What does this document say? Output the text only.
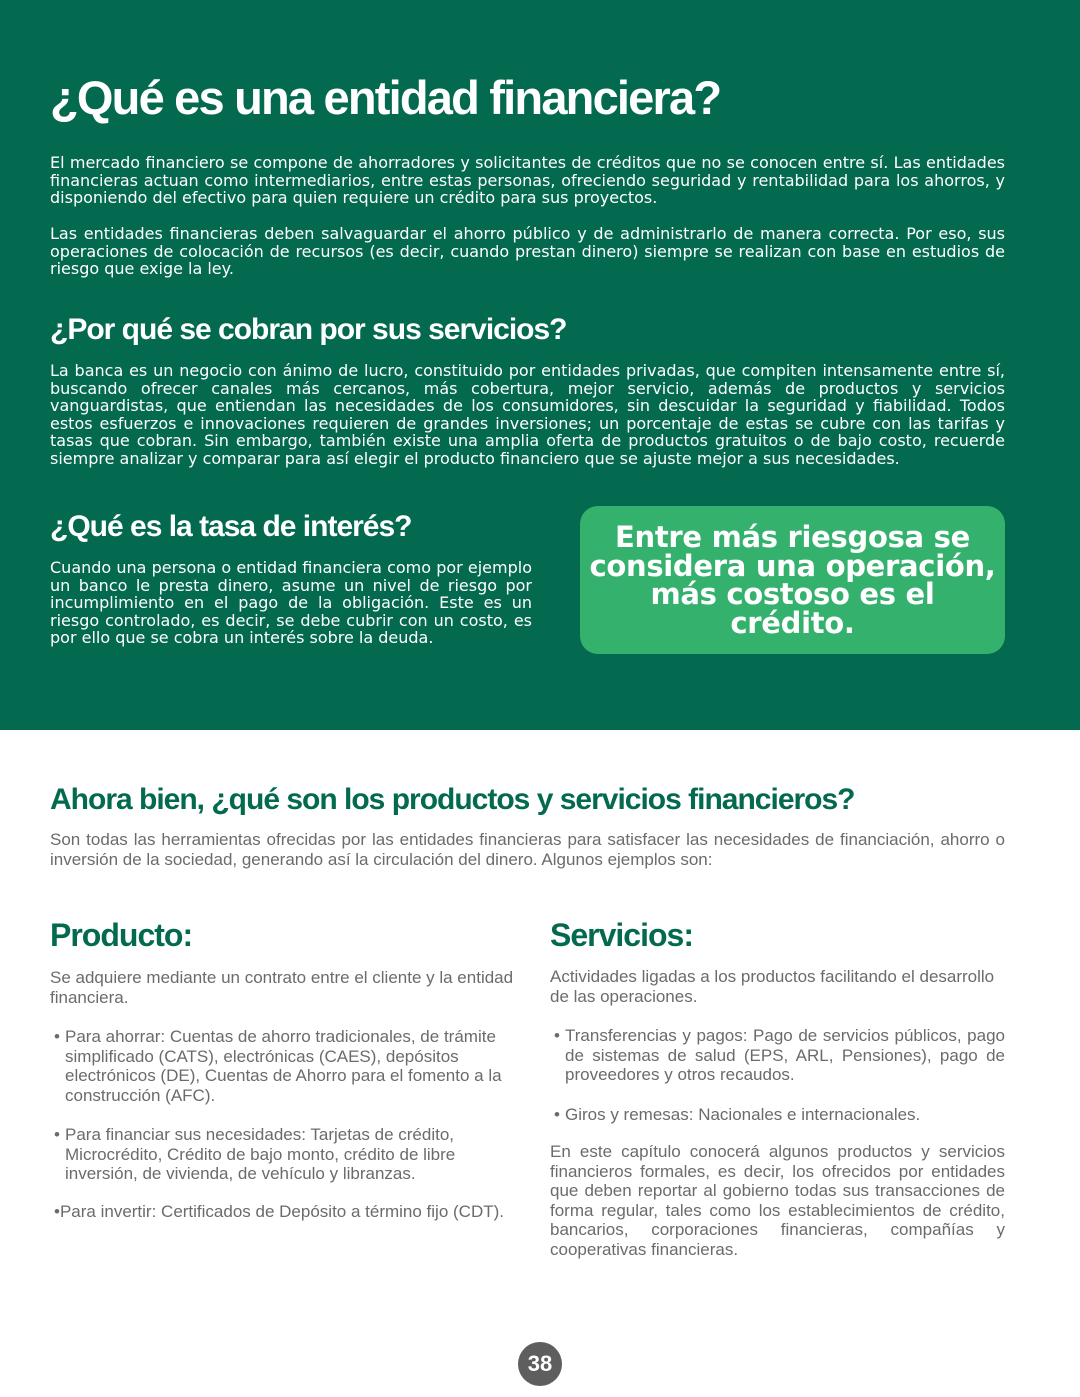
¿Qué es una entidad financiera?

El mercado financiero se compone de ahorradores y solicitantes de créditos que no se conocen entre sí. Las entidades financieras actuan como intermediarios, entre estas personas, ofreciendo seguridad y rentabilidad para los ahorros, y disponiendo del efectivo para quien requiere un crédito para sus proyectos.

Las entidades financieras deben salvaguardar el ahorro público y de administrarlo de manera correcta. Por eso, sus operaciones de colocación de recursos (es decir, cuando prestan dinero) siempre se realizan con base en estudios de riesgo que exige la ley.

¿Por qué se cobran por sus servicios?

La banca es un negocio con ánimo de lucro, constituido por entidades privadas, que compiten intensamente entre sí, buscando ofrecer canales más cercanos, más cobertura, mejor servicio, además de productos y servicios vanguardistas, que entiendan las necesidades de los consumidores, sin descuidar la seguridad y fiabilidad. Todos estos esfuerzos e innovaciones requieren de grandes inversiones; un porcentaje de estas se cubre con las tarifas y tasas que cobran. Sin embargo, también existe una amplia oferta de productos gratuitos o de bajo costo, recuerde siempre analizar y comparar para así elegir el producto financiero que se ajuste mejor a sus necesidades.

¿Qué es la tasa de interés?

Cuando una persona o entidad financiera como por ejemplo un banco le presta dinero, asume un nivel de riesgo por incumplimiento en el pago de la obligación. Este es un riesgo controlado, es decir, se debe cubrir con un costo, es por ello que se cobra un interés sobre la deuda.

Entre más riesgosa se considera una operación, más costoso es el crédito.
Ahora bien, ¿qué son los productos y servicios financieros?

Son todas las herramientas ofrecidas por las entidades financieras para satisfacer las necesidades de financiación, ahorro o inversión de la sociedad, generando así la circulación del dinero. Algunos ejemplos son:

Producto:

Se adquiere mediante un contrato entre el cliente y la entidad financiera.

• Para ahorrar: Cuentas de ahorro tradicionales, de trámite simplificado (CATS), electrónicas (CAES), depósitos electrónicos (DE), Cuentas de Ahorro para el fomento a la construcción (AFC).
• Para financiar sus necesidades: Tarjetas de crédito, Microcrédito, Crédito de bajo monto, crédito de libre inversión, de vivienda, de vehículo y libranzas.

•Para invertir: Certificados de Depósito a término fijo (CDT).

Servicios:

Actividades ligadas a los productos facilitando el desarrollo de las operaciones.

• Transferencias y pagos: Pago de servicios públicos, pago de sistemas de salud (EPS, ARL, Pensiones), pago de proveedores y otros recaudos.
• Giros y remesas: Nacionales e internacionales.

En este capítulo conocerá algunos productos y servicios financieros formales, es decir, los ofrecidos por entidades que deben reportar al gobierno todas sus transacciones de forma regular, tales como los establecimientos de crédito, bancarios, corporaciones financieras, compañías y cooperativas financieras.

38
